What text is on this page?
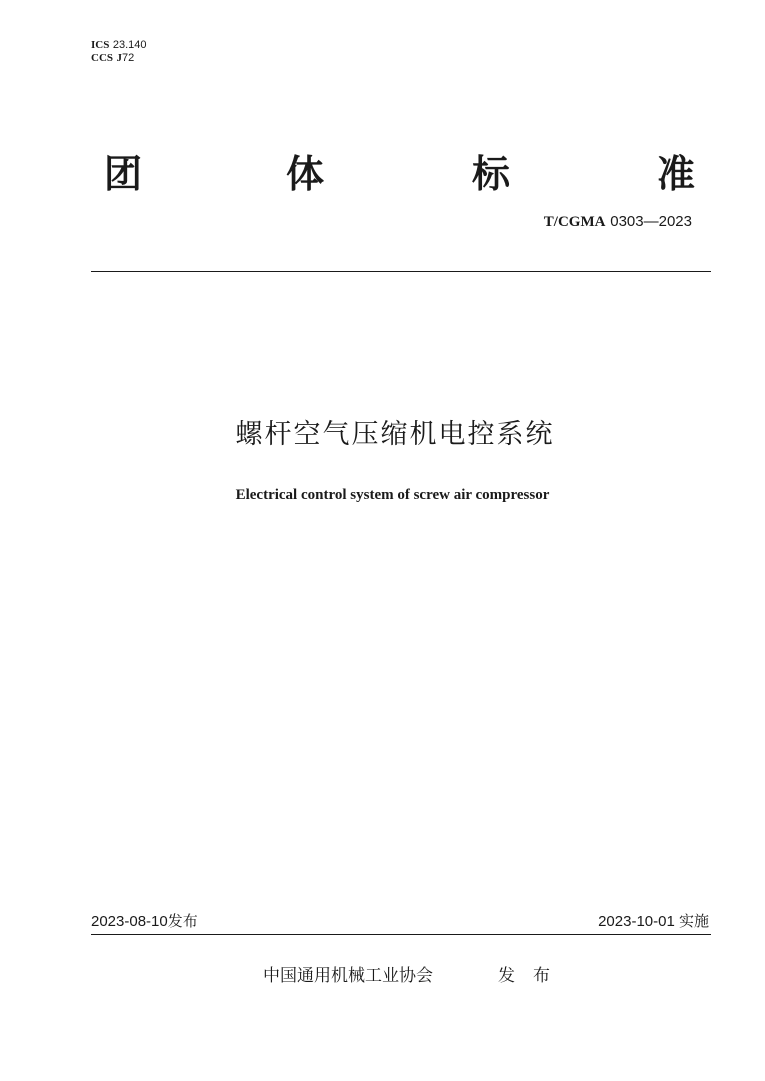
ICS 23.140
CCS J72
团	体	标	准
T/CGMA 0303—2023
螺杆空气压缩机电控系统
Electrical control system of screw air compressor
2023-08-10发布	2023-10-01 实施
中国通用机械工业协会	发布
